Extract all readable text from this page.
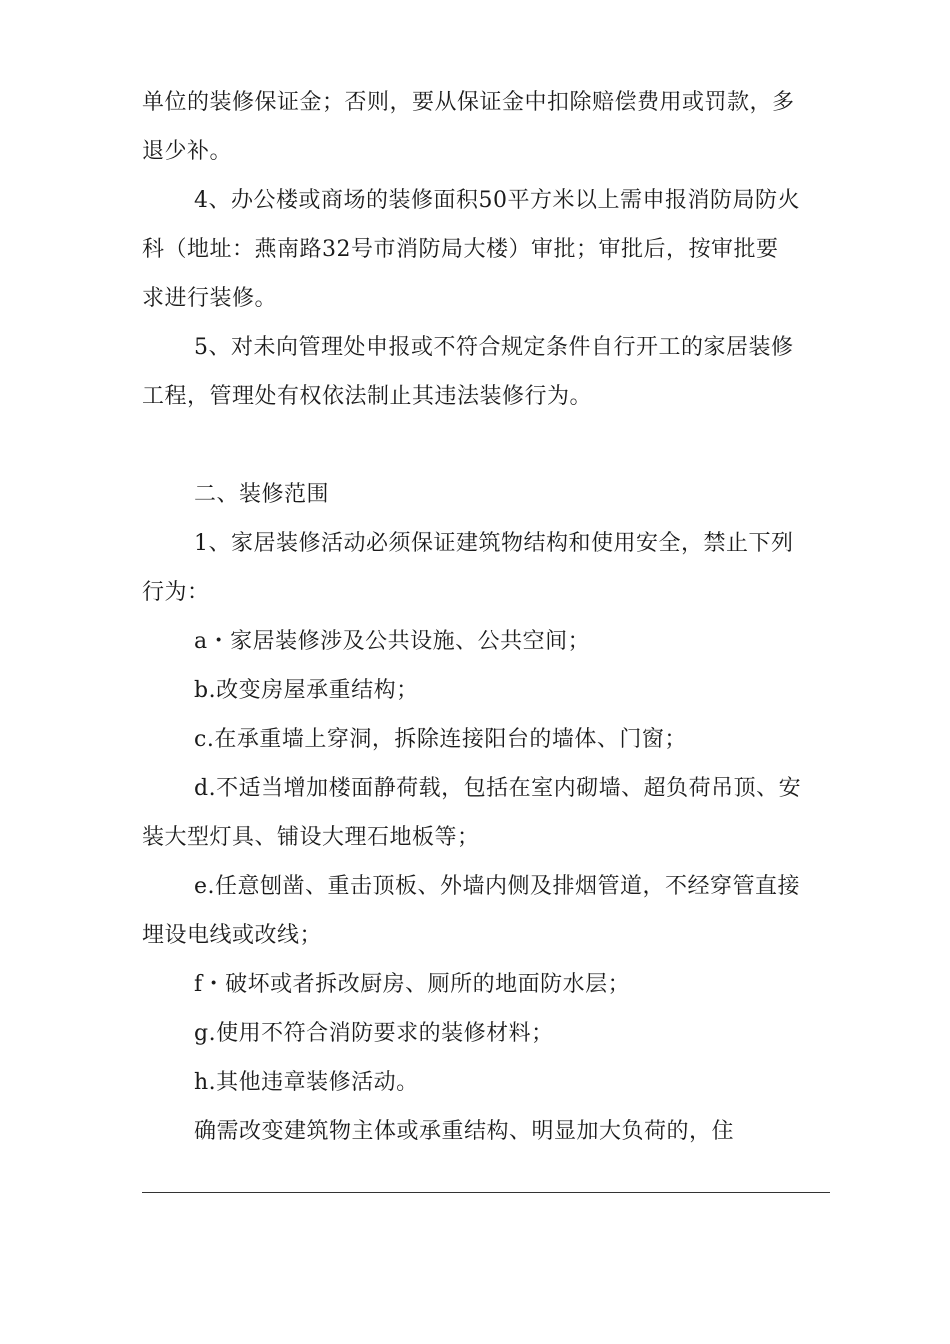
单位的装修保证金；否则，要从保证金中扣除赔偿费用或罚款，多
退少补。
4、办公楼或商场的装修面积50平方米以上需申报消防局防火
科（地址：燕南路32号市消防局大楼）审批；审批后，按审批要
求进行装修。
5、对未向管理处申报或不符合规定条件自行开工的家居装修
工程，管理处有权依法制止其违法装修行为。
二、装修范围
1、家居装修活动必须保证建筑物结构和使用安全，禁止下列
行为：
a・家居装修涉及公共设施、公共空间；
b.改变房屋承重结构；
c.在承重墙上穿洞，拆除连接阳台的墙体、门窗；
d.不适当增加楼面静荷载，包括在室内砌墙、超负荷吊顶、安
装大型灯具、铺设大理石地板等；
e.任意刨凿、重击顶板、外墙内侧及排烟管道，不经穿管直接
埋设电线或改线；
f・破坏或者拆改厨房、厕所的地面防水层；
g.使用不符合消防要求的装修材料；
h.其他违章装修活动。
确需改变建筑物主体或承重结构、明显加大负荷的，住
